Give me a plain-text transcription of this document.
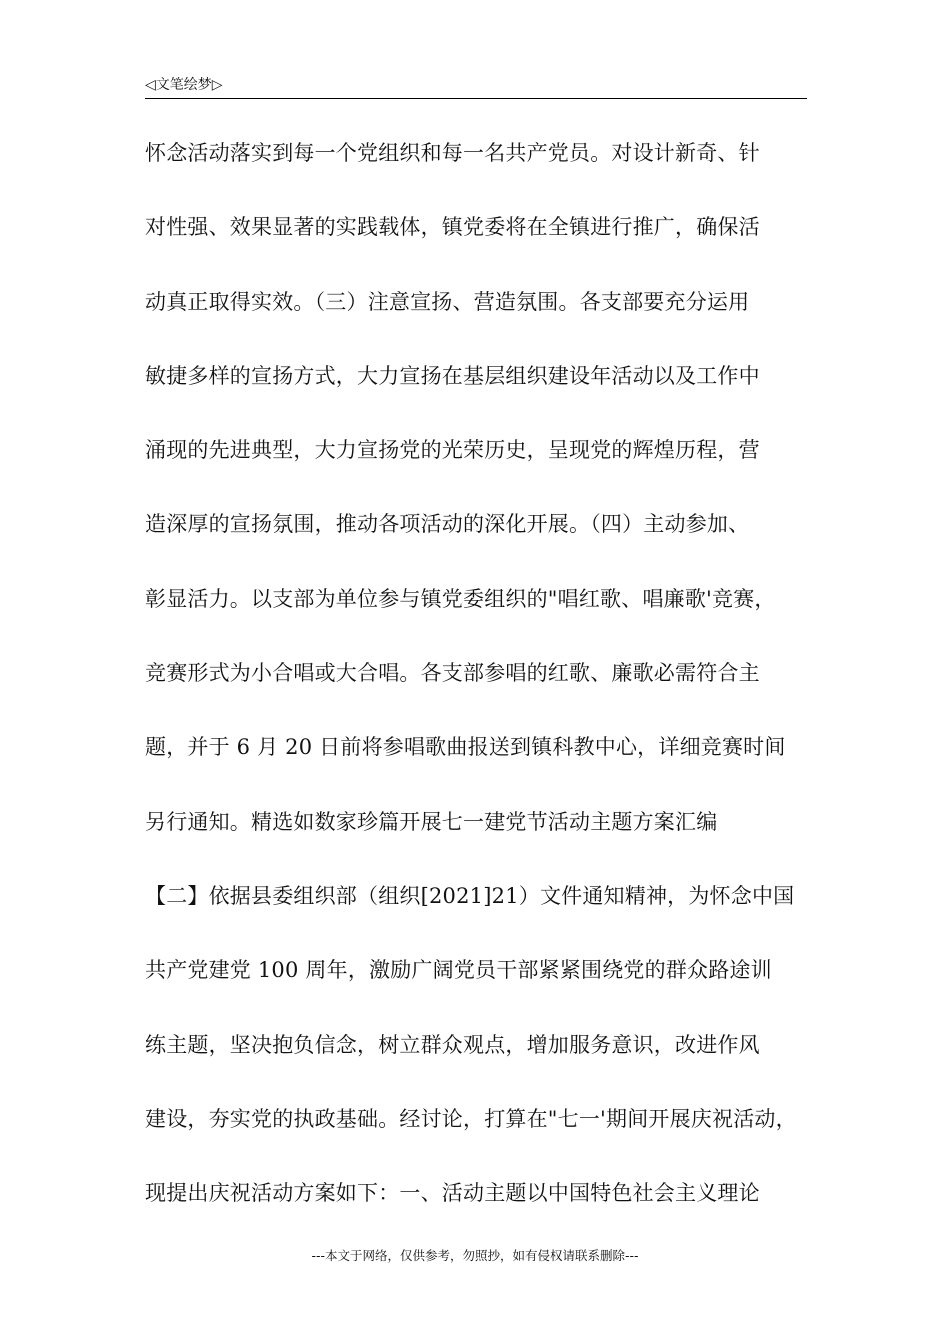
◁文笔绘梦▷
怀念活动落实到每一个党组织和每一名共产党员。对设计新奇、针
对性强、效果显著的实践载体，镇党委将在全镇进行推广，确保活
动真正取得实效。（三）注意宣扬、营造氛围。各支部要充分运用
敏捷多样的宣扬方式，大力宣扬在基层组织建设年活动以及工作中
涌现的先进典型，大力宣扬党的光荣历史，呈现党的辉煌历程，营
造深厚的宣扬氛围，推动各项活动的深化开展。（四）主动参加、
彰显活力。以支部为单位参与镇党委组织的"唱红歌、唱廉歌'竞赛，
竞赛形式为小合唱或大合唱。各支部参唱的红歌、廉歌必需符合主
题，并于 6 月 20 日前将参唱歌曲报送到镇科教中心，详细竞赛时间
另行通知。精选如数家珍篇开展七一建党节活动主题方案汇编
【二】依据县委组织部（组织[2021]21）文件通知精神，为怀念中国
共产党建党 100 周年，激励广阔党员干部紧紧围绕党的群众路途训
练主题，坚决抱负信念，树立群众观点，增加服务意识，改进作风
建设，夯实党的执政基础。经讨论，打算在"七一'期间开展庆祝活动，
现提出庆祝活动方案如下：一、活动主题以中国特色社会主义理论
---本文于网络，仅供参考，勿照抄，如有侵权请联系删除---
